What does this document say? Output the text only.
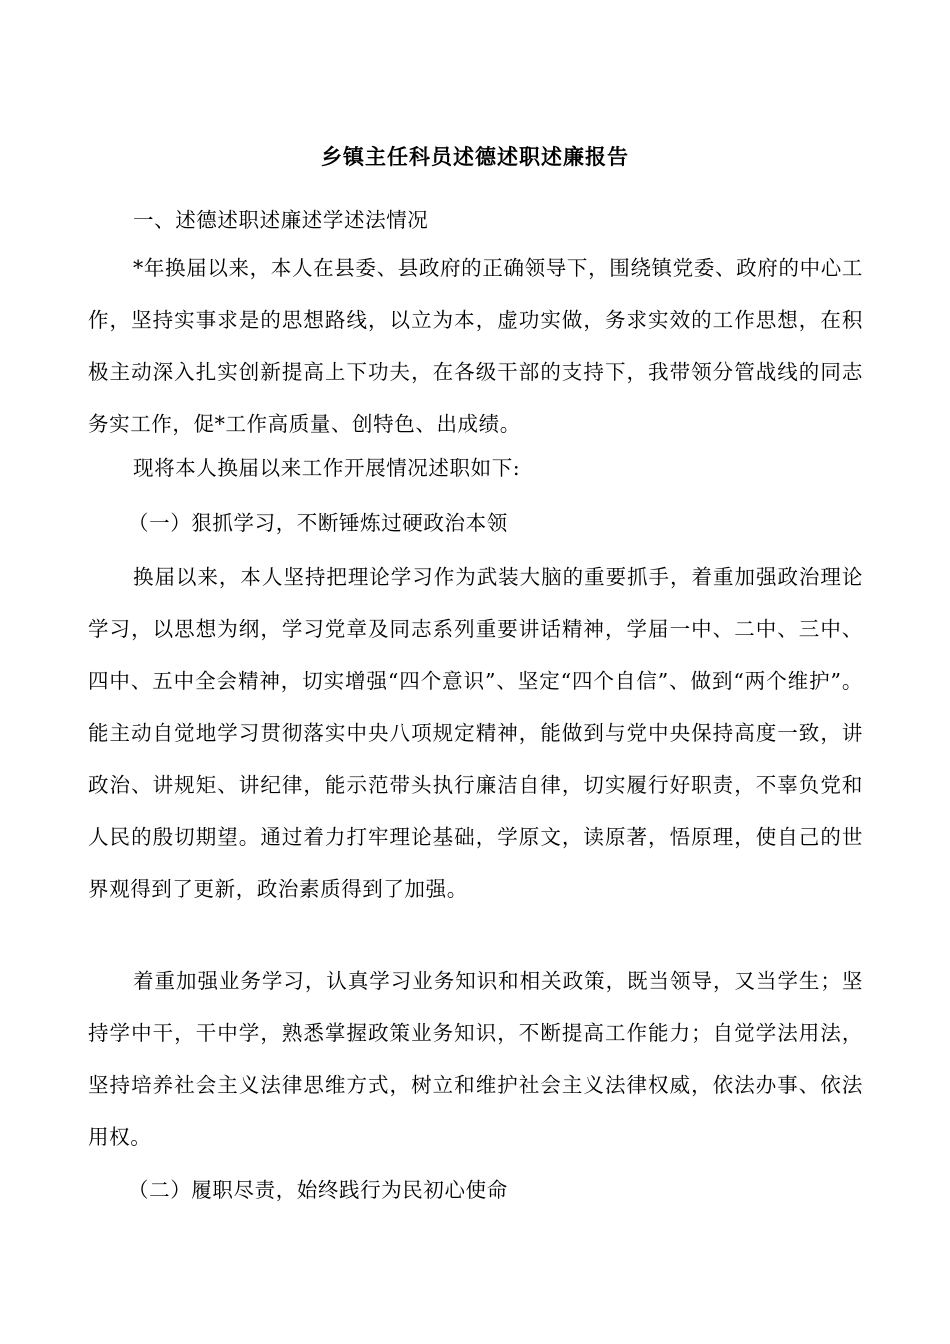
乡镇主任科员述德述职述廉报告

一、述德述职述廉述学述法情况

*年换届以来，本人在县委、县政府的正确领导下，围绕镇党委、政府的中心工作，坚持实事求是的思想路线，以立为本，虚功实做，务求实效的工作思想，在积极主动深入扎实创新提高上下功夫，在各级干部的支持下，我带领分管战线的同志务实工作，促*工作高质量、创特色、出成绩。

现将本人换届以来工作开展情况述职如下:

（一）狠抓学习，不断锤炼过硬政治本领

换届以来，本人坚持把理论学习作为武装大脑的重要抓手，着重加强政治理论学习，以思想为纲，学习党章及同志系列重要讲话精神，学届一中、二中、三中、四中、五中全会精神，切实增强“四个意识”、坚定“四个自信”、做到“两个维护”。能主动自觉地学习贯彻落实中央八项规定精神，能做到与党中央保持高度一致，讲政治、讲规矩、讲纪律，能示范带头执行廉洁自律，切实履行好职责，不辜负党和人民的殷切期望。通过着力打牢理论基础，学原文，读原著，悟原理，使自己的世界观得到了更新，政治素质得到了加强。

着重加强业务学习，认真学习业务知识和相关政策，既当领导，又当学生；坚持学中干，干中学，熟悉掌握政策业务知识，不断提高工作能力；自觉学法用法，坚持培养社会主义法律思维方式，树立和维护社会主义法律权威，依法办事、依法用权。

（二）履职尽责，始终践行为民初心使命
